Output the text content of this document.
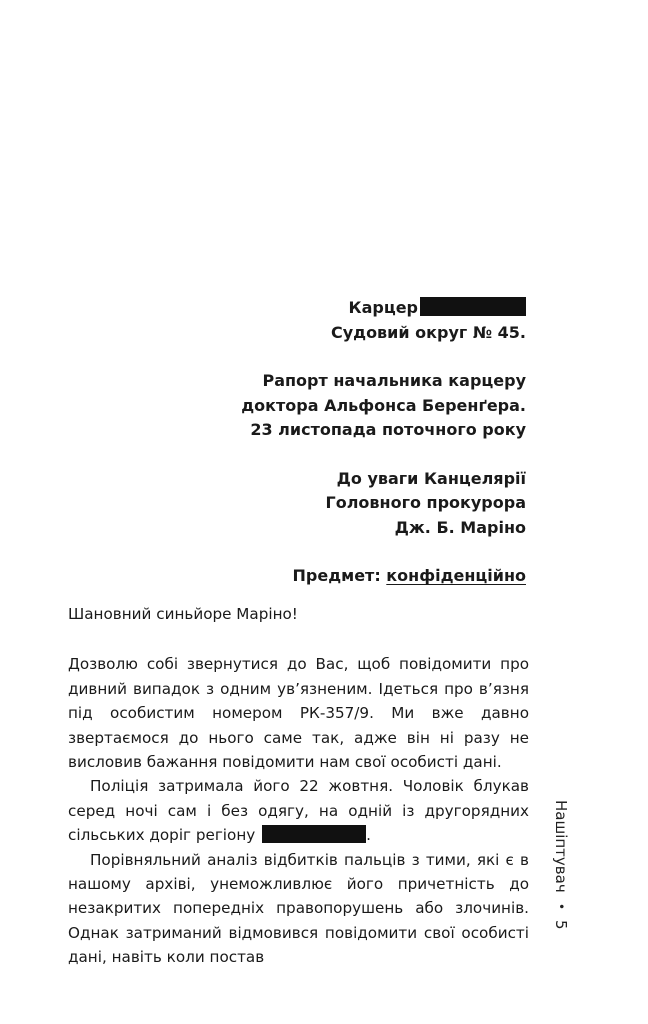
Карцер

Судовий округ № 45.

Рапорт начальника карцеру

доктора Альфонса Беренґера.

23 листопада поточного року

До уваги Канцелярії

Головного прокурора

Дж. Б. Маріно

Предмет: конфіденційно

Шановний синьйоре Маріно!

Дозволю собі звернутися до Вас, щоб повідомити про дивний випадок з одним ув’язненим. Ідеться про в’язня під особистим номером РК-357/9. Ми вже давно звертаємося до нього саме так, адже він ні разу не висловив бажання повідомити нам свої особисті дані.

Поліція затримала його 22 жовтня. Чоловік блукав серед ночі сам і без одягу, на одній із другорядних сільських доріг регіону	.

Порівняльний аналіз відбитків пальців з тими, які є в нашому архіві, унеможливлює його причетність до незакритих попередніх правопорушень або злочинів. Однак затриманий відмовився повідомити свої особисті дані, навіть коли постав

Нашіптувач
•
5
